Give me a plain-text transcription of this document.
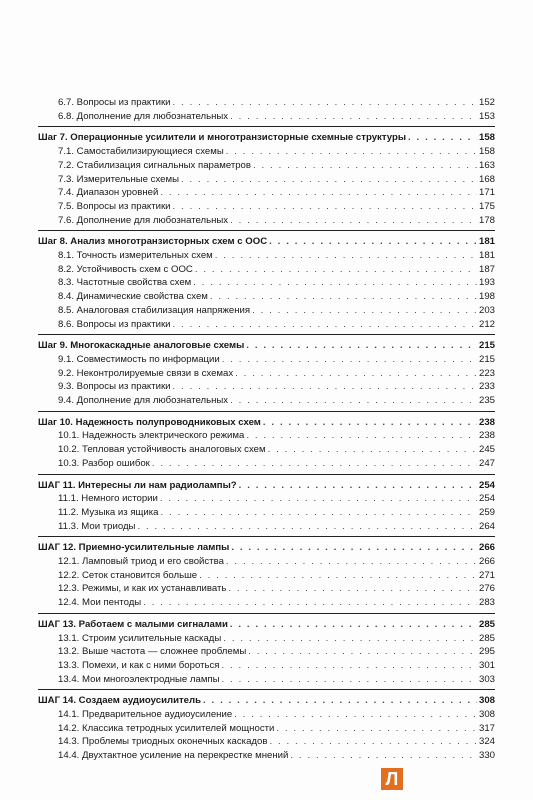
6.7. Вопросы из практики . . .	152
6.8. Дополнение для любознательных . . .	153
Шаг 7. Операционные усилители и многотранзисторные схемные структуры . . .	158
7.1. Самостабилизирующиеся схемы . . .	158
7.2. Стабилизация сигнальных параметров . . .	163
7.3. Измерительные схемы . . .	168
7.4. Диапазон уровней . . .	171
7.5. Вопросы из практики . . .	175
7.6. Дополнение для любознательных . . .	178
Шаг 8. Анализ многотранзисторных схем с ООС . . .	181
8.1. Точность измерительных схем . . .	181
8.2. Устойчивость схем с ООС . . .	187
8.3. Частотные свойства схем . . .	193
8.4. Динамические свойства схем . . .	198
8.5. Аналоговая стабилизация напряжения . . .	203
8.6. Вопросы из практики . . .	212
Шаг 9. Многокаскадные аналоговые схемы . . .	215
9.1. Совместимость по информации . . .	215
9.2. Неконтролируемые связи в схемах . . .	223
9.3. Вопросы из практики . . .	233
9.4. Дополнение для любознательных . . .	235
Шаг 10. Надежность полупроводниковых схем . . .	238
10.1. Надежность электрического режима . . .	238
10.2. Тепловая устойчивость аналоговых схем . . .	245
10.3. Разбор ошибок . . .	247
ШАГ 11. Интересны ли нам радиолампы? . . .	254
11.1. Немного истории . . .	254
11.2. Музыка из ящика . . .	259
11.3. Мои триоды . . .	264
ШАГ 12. Приемно-усилительные лампы . . .	266
12.1. Ламповый триод и его свойства . . .	266
12.2. Сеток становится больше . . .	271
12.3. Режимы, и как их устанавливать . . .	276
12.4. Мои пентоды . . .	283
ШАГ 13. Работаем с малыми сигналами . . .	285
13.1. Строим усилительные каскады . . .	285
13.2. Выше частота — сложнее проблемы . . .	295
13.3. Помехи, и как с ними бороться . . .	301
13.4. Мои многоэлектродные лампы . . .	303
ШАГ 14. Создаем аудиоусилитель . . .	308
14.1. Предварительное аудиоусиление . . .	308
14.2. Классика тетродных усилителей мощности . . .	317
14.3. Проблемы триодных оконечных каскадов . . .	324
14.4. Двухтактное усиление на перекрестке мнений . . .	330
Л
